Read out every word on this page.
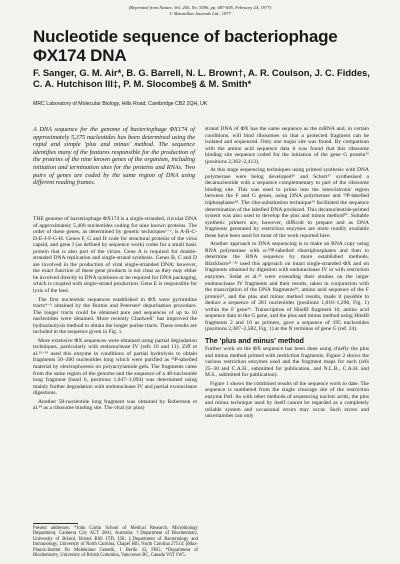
(Reprinted from Nature, Vol. 265, No. 5596, pp. 687-695, February 24, 1977)
© Macmillan Journals Ltd., 1977
Nucleotide sequence of bacteriophage ΦX174 DNA
F. Sanger, G. M. Air*, B. G. Barrell, N. L. Brown†, A. R. Coulson, J. C. Fiddes, C. A. Hutchison III‡, P. M. Slocombe§ & M. Smith*
MRC Laboratory of Molecular Biology, Hills Road, Cambridge CB2 2QH, UK
A DNA sequence for the genome of bacteriophage ΦX174 of approximately 5,375 nucleotides has been determined using the rapid and simple 'plus and minus' method. The sequence identifies many of the features responsible for the production of the proteins of the nine known genes of the organism, including initiation and termination sites for the proteins and RNAs. Two pairs of genes are coded by the same region of DNA using different reading frames.

THE genome of bacteriophage ΦX174 is a single-stranded, circular DNA of approximately 5,400 nucleotides coding for nine known proteins. The order of these genes, as determined by genetic techniques¹⁻³, is A-B-C-D-E-J-F-G-H. Genes F, G and H code for structural proteins of the virus capsid, and gene J (as defined by sequence work) codes for a small basic protein that is also part of the virion. Gene A is required for double-stranded DNA replication and single-strand synthesis. Genes B, C and D are involved in the production of viral single-stranded DNA: however, the exact function of these gene products is not clear as they may either be involved directly in DNA synthesis or be required for DNA packaging, which is coupled with single-strand production. Gene E is responsible for lysis of the host.

The first nucleotide sequences established in ΦX were pyrimidine tracts⁴⁻⁵ obtained by the Burton and Petersen⁶ depurination procedure. The longer tracts could be obtained pure and sequences of up to 10 nucleotides were obtained. More recently Chadwell⁷ has improved the hydrazinolysis method to obtain the longer purine tracts. These results are included in the sequence given in Fig. 1.

More extensive ΦX sequences were obtained using partial degradation techniques, particularly with endonuclease IV (refs 10 and 11). Ziff et al.¹²⁻¹³ used this enzyme in conditions of partial hydrolysis to obtain fragments 50–200 nucleotides long which were purified as ³²P-labelled material by electrophoresis on polyacrylamide gels. The fragments came from the same region of the genome and the sequence of a 48-nucleotide long fragment (band 6, positions 1,047–1,094) was determined using mainly further degradation with endonuclease IV and partial exonuclease digestions.

Another 50-nucleotide long fragment was obtained by Robertson et al.¹⁴ as a ribosome binding site. The viral (or plus)

strand DNA of ΦX has the same sequence as the mRNA and, in certain conditions, will bind ribosomes so that a protected fragment can be isolated and sequenced. Only one major site was found. By comparison with the amino acid sequence data it was found that this ribosome binding site sequence coded for the initiation of the gene G protein¹⁵ (positions 2,362–2,413).

At this stage sequencing techniques using primed synthesis with DNA polymerase were being developed¹⁶ and Schott¹⁷ synthesised a decanucleotide with a sequence complementary to part of the ribosome binding site. This was used to prime into the intercistronic region between the F and G genes, using DNA polymerase and ³²P-labelled triphosphates¹⁸. The ribo-substitution technique¹⁹ facilitated the sequence determination of the labelled DNA produced. This decanucleotide-primed system was also used to develop the plus and minus method²⁰. Suitable synthetic primers are, however, difficult to prepare and as DNA fragments generated by restriction enzymes are more readily available these have been used for most of the work reported here.

Another approach to DNA sequencing is to make an RNA copy using RNA polymerase with α-³²P-labelled ribotriphosphates and then to determine the RNA sequence by more established methods. Blackburn²¹⁻²² used this approach on intact single-stranded ΦX and on fragments obtained by digestion with endonuclease IV or with restriction enzymes. Sedat et al.²³ were extending their studies on the larger endonuclease IV fragments and their results, taken in conjunction with the transcription of the DNA fragments²⁴, amino acid sequence of the F protein²⁵, and the plus and minus method results, made it possible to deduce a sequence of 281 nucleotides (positions 1,016–1,296, Fig. 1) within the F gene²⁶. Transcription of HindII fragment 10, amino acid sequence data in the G gene, and the plus and minus method using HindII fragments 2 and 10 as primers, gave a sequence of 195 nucleotides (positions 2,387–2,582, Fig. 1) at the N terminus of gene G (ref. 24).

The 'plus and minus' method

Further work on the ΦX sequence has been done using chiefly the plus and minus method primed with restriction fragments. Figure 2 shows the various restriction enzymes used and the fragment maps for each (refs 25–30 and C.A.H., submitted for publication, and N.L.B., C.A.H. and M.S., submitted for publication).

Figure 1 shows the combined results of the sequence work to date. The sequence is numbered from the single cleavage site of the restriction enzyme PstI. As with other methods of sequencing nucleic acids, the plus and minus technique used by itself cannot be regarded as a completely reliable system and occasional errors may occur. Such errors and uncertainties can only

Present addresses: *John Curtin School of Medical Research, Microbiology Department, Canberra City ACT 2601, Australia; †Department of Biochemistry, University of Bristol, Bristol BS8 1TD, UK; ‡Department of Bacteriology and Immunology, University of North Carolina, Chapel Hill, North Carolina 27514; §Max-Planck-Institut für Molekulare Genetik, 1 Berlin 33, FRG; *Department of Biochemistry, University of British Columbia, Vancouver BC, Canada V6T 1W5.
